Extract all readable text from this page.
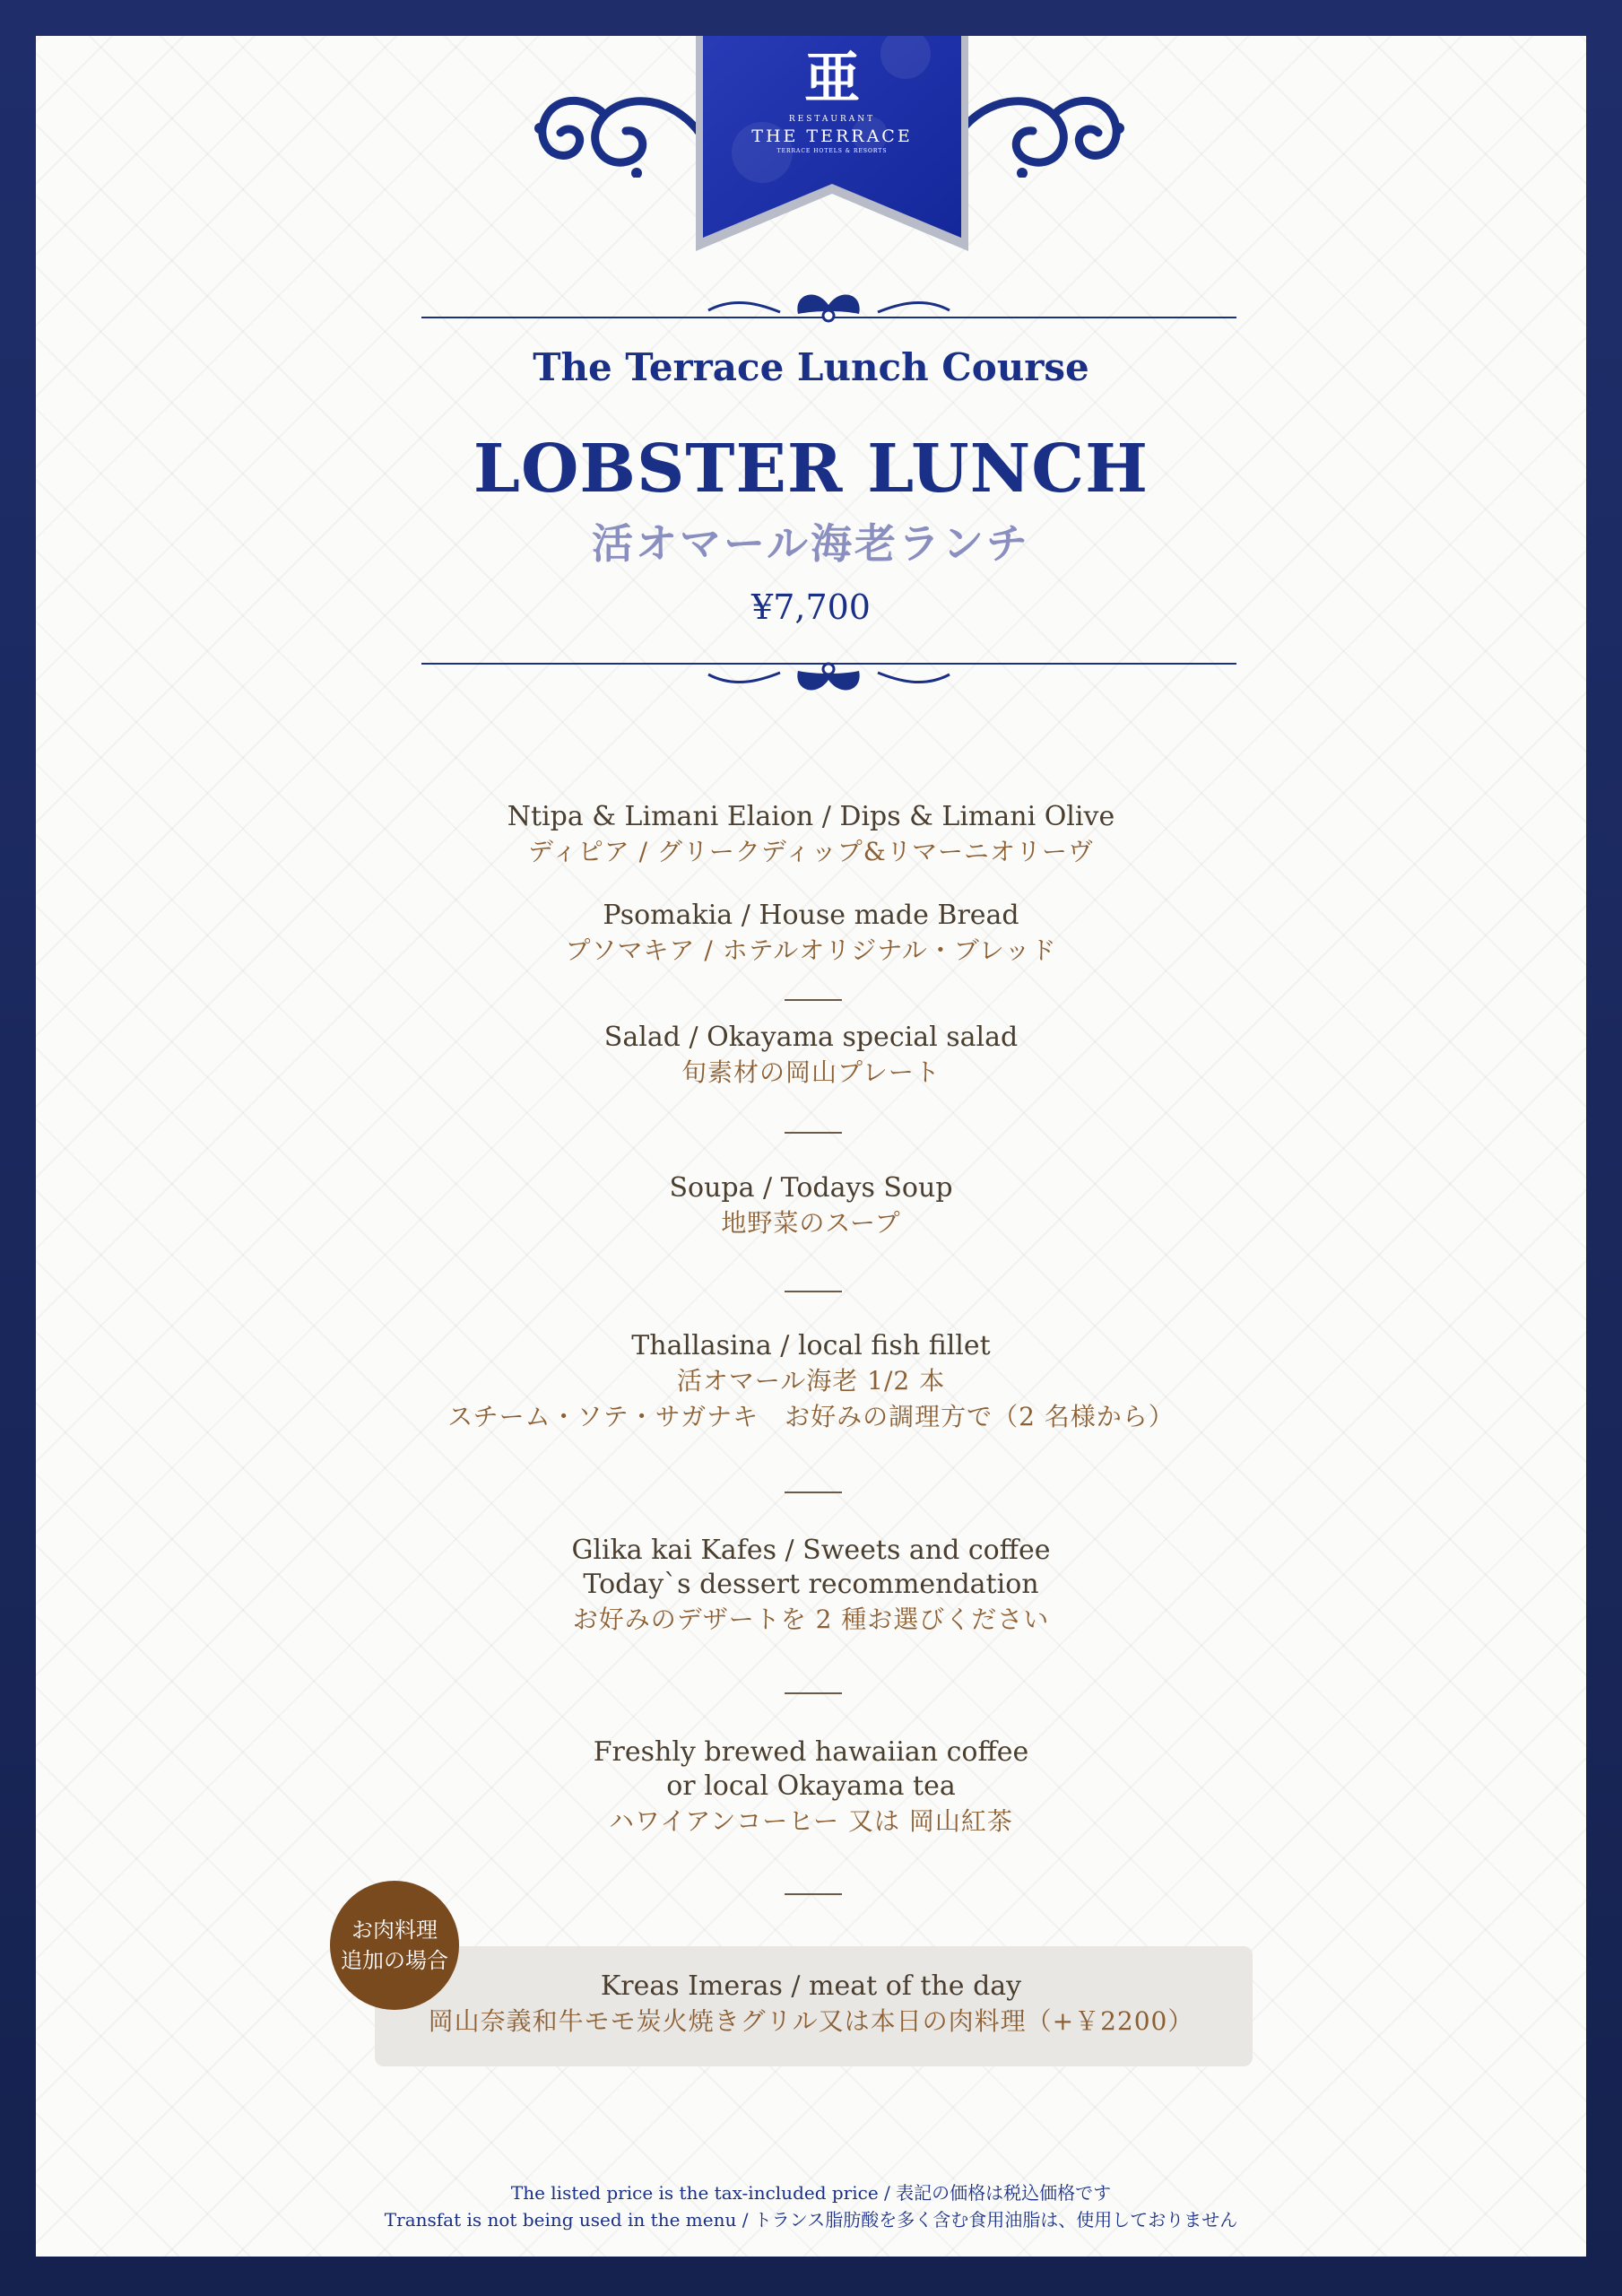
亜
RESTAURANT
THE TERRACE
TERRACE HOTELS & RESORTS
The Terrace Lunch Course
LOBSTER LUNCH
活オマール海老ランチ
¥7,700
Ntipa & Limani Elaion / Dips & Limani Olive
ディピア / グリークディップ&リマーニオリーヴ
Psomakia / House made Bread
プソマキア / ホテルオリジナル・ブレッド
Salad / Okayama special salad
旬素材の岡山プレート
Soupa / Todays Soup
地野菜のスープ
Thallasina / local fish fillet
活オマール海老 1/2 本
スチーム・ソテ・サガナキ　お好みの調理方で（2 名様から）
Glika kai Kafes / Sweets and coffee
Today`s dessert recommendation
お好みのデザートを 2 種お選びください
Freshly brewed hawaiian coffee
or local Okayama tea
ハワイアンコーヒー 又は 岡山紅茶
Kreas Imeras / meat of the day
岡山奈義和牛モモ炭火焼きグリル又は本日の肉料理（+￥2200）
お肉料理
追加の場合
The listed price is the tax-included price / 表記の価格は税込価格です
Transfat is not being used in the menu / トランス脂肪酸を多く含む食用油脂は、使用しておりません
